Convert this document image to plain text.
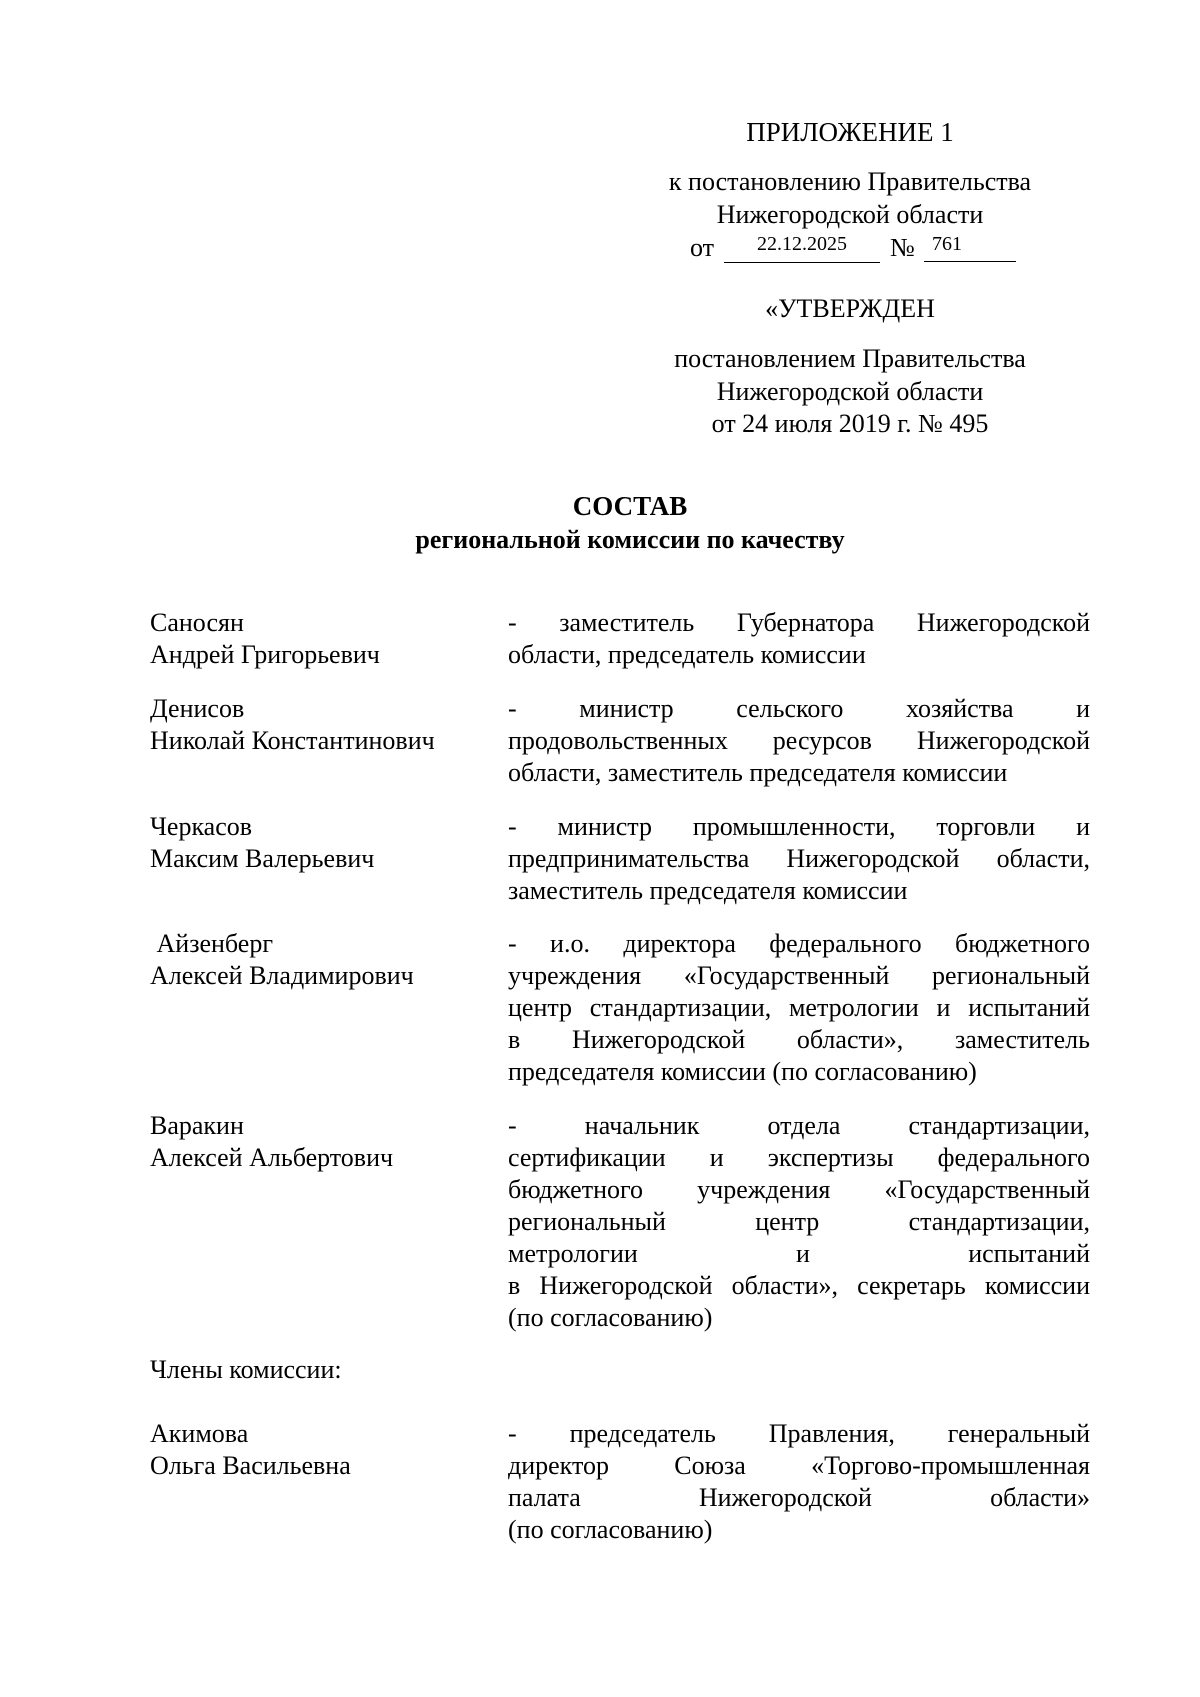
ПРИЛОЖЕНИЕ 1
к постановлению Правительства
Нижегородской области
от	22.12.2025	№ 761
«УТВЕРЖДЕН
постановлением Правительства
Нижегородской области
от 24 июля 2019 г. № 495
СОСТАВ
региональной комиссии по качеству
Саносян
Андрей Григорьевич
- заместитель Губернатора Нижегородской
области, председатель комиссии
Денисов
Николай Константинович
- министр сельского хозяйства и
продовольственных ресурсов Нижегородской
области, заместитель председателя комиссии
Черкасов
Максим Валерьевич
- министр промышленности, торговли и
предпринимательства Нижегородской области,
заместитель председателя комиссии
Айзенберг
Алексей Владимирович
- и.о. директора федерального бюджетного
учреждения «Государственный региональный
центр стандартизации, метрологии и испытаний
в Нижегородской области», заместитель
председателя комиссии (по согласованию)
Варакин
Алексей Альбертович
- начальник отдела стандартизации,
сертификации и экспертизы федерального
бюджетного учреждения «Государственный
региональный центр стандартизации,
метрологии и испытаний
в Нижегородской области», секретарь комиссии
(по согласованию)
Члены комиссии:
Акимова
Ольга Васильевна
- председатель Правления, генеральный
директор Союза «Торгово-промышленная
палата Нижегородской области»
(по согласованию)
